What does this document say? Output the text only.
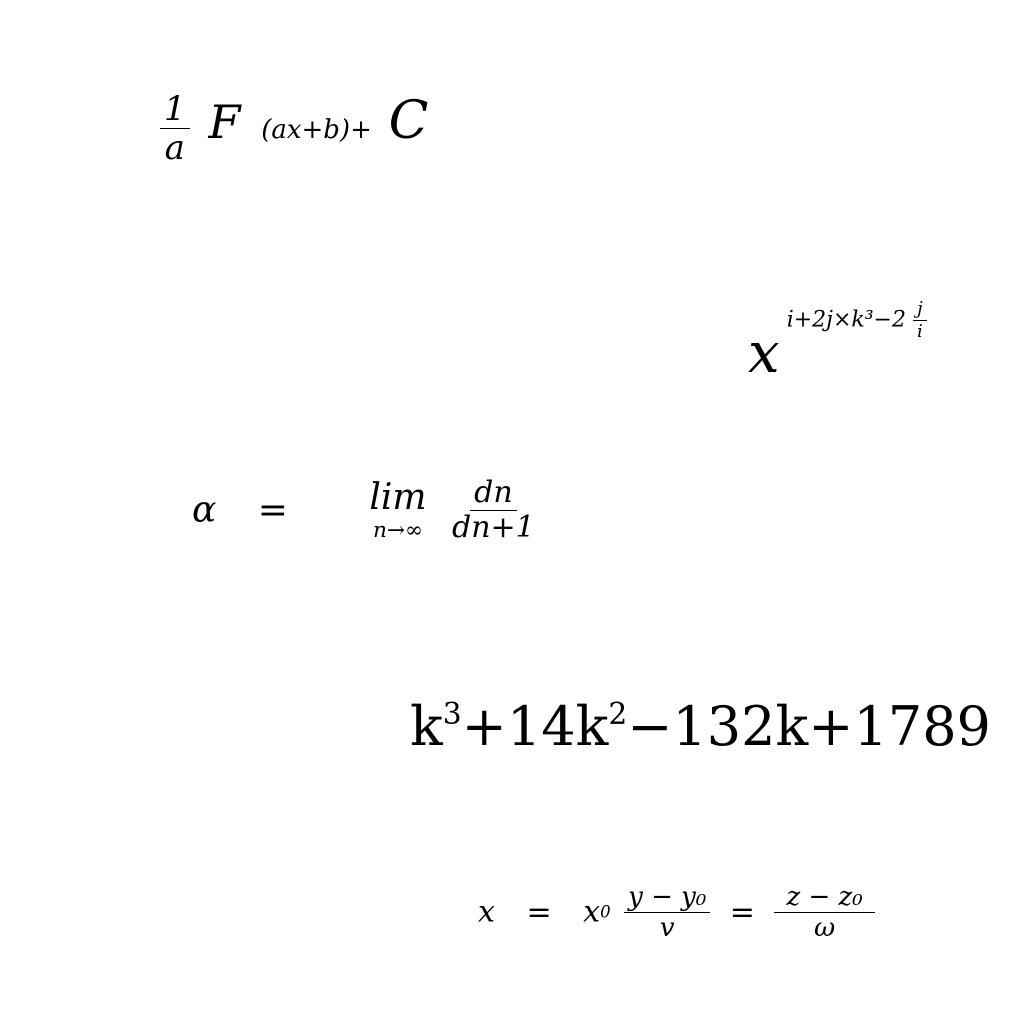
$\frac{1}{a}$ F (ax+b)+ C
x $i+2j\times k^3-2 \frac{j}{i}$
α = lim
n→∞
$\frac{dn}{dn+1}$
$k^3+14k^2-132k+1789$
$x = x0 \frac{\text{y − y₀}}{v} = \frac{\text{z − z₀}}{\omega}$
